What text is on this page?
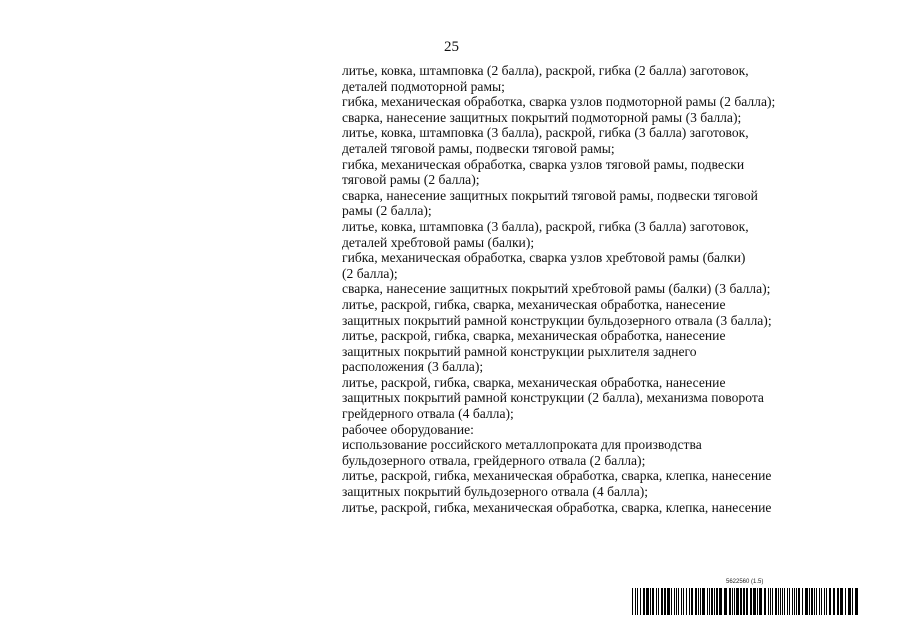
25
литье, ковка, штамповка (2 балла), раскрой, гибка (2 балла) заготовок,
деталей подмоторной рамы;
гибка, механическая обработка, сварка узлов подмоторной рамы (2 балла);
сварка, нанесение защитных покрытий подмоторной рамы (3 балла);
литье, ковка, штамповка (3 балла), раскрой, гибка (3 балла) заготовок,
деталей тяговой рамы, подвески тяговой рамы;
гибка, механическая обработка, сварка узлов тяговой рамы, подвески
тяговой рамы (2 балла);
сварка, нанесение защитных покрытий тяговой рамы, подвески тяговой
рамы (2 балла);
литье, ковка, штамповка (3 балла), раскрой, гибка (3 балла) заготовок,
деталей хребтовой рамы (балки);
гибка, механическая обработка, сварка узлов хребтовой рамы (балки)
(2 балла);
сварка, нанесение защитных покрытий хребтовой рамы (балки) (3 балла);
литье, раскрой, гибка, сварка, механическая обработка, нанесение
защитных покрытий рамной конструкции бульдозерного отвала (3 балла);
литье, раскрой, гибка, сварка, механическая обработка, нанесение
защитных покрытий рамной конструкции рыхлителя заднего
расположения (3 балла);
литье, раскрой, гибка, сварка, механическая обработка, нанесение
защитных покрытий рамной конструкции (2 балла), механизма поворота
грейдерного отвала (4 балла);
рабочее оборудование:
использование российского металлопроката для производства
бульдозерного отвала, грейдерного отвала (2 балла);
литье, раскрой, гибка, механическая обработка, сварка, клепка, нанесение
защитных покрытий бульдозерного отвала (4 балла);
литье, раскрой, гибка, механическая обработка, сварка, клепка, нанесение
5622560 (1.5)
